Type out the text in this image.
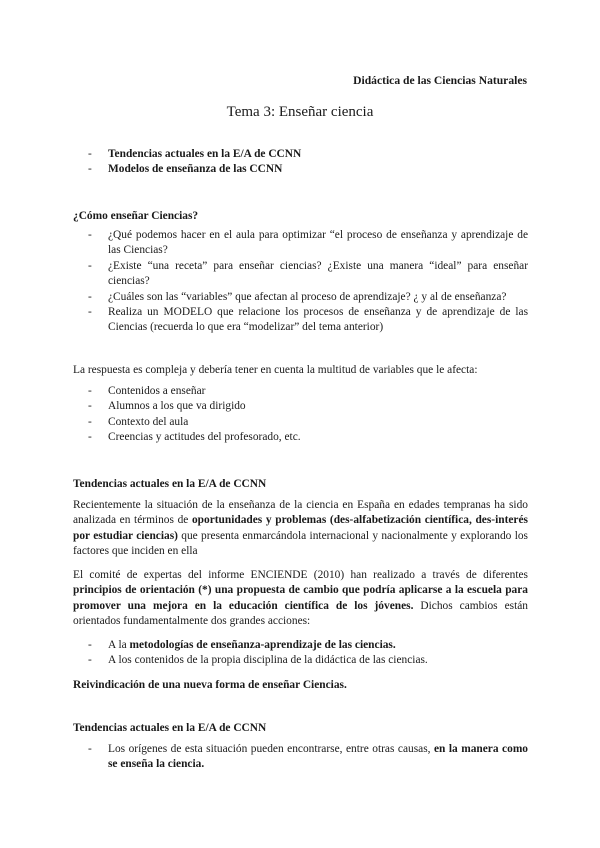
Didáctica de las Ciencias Naturales
Tema 3: Enseñar ciencia
- Tendencias actuales en la E/A de CCNN
- Modelos de enseñanza de las CCNN
¿Cómo enseñar Ciencias?
- ¿Qué podemos hacer en el aula para optimizar “el proceso de enseñanza y aprendizaje de las Ciencias?
- ¿Existe “una receta” para enseñar ciencias? ¿Existe una manera “ideal” para enseñar ciencias?
- ¿Cuáles son las “variables” que afectan al proceso de aprendizaje? ¿ y al de enseñanza?
- Realiza un MODELO que relacione los procesos de enseñanza y de aprendizaje de las Ciencias (recuerda lo que era “modelizar” del tema anterior)
La respuesta es compleja y debería tener en cuenta la multitud de variables que le afecta:
- Contenidos a enseñar
- Alumnos a los que va dirigido
- Contexto del aula
- Creencias y actitudes del profesorado, etc.
Tendencias actuales en la E/A de CCNN
Recientemente la situación de la enseñanza de la ciencia en España en edades tempranas ha sido analizada en términos de oportunidades y problemas (des-alfabetización científica, des-interés por estudiar ciencias) que presenta enmarcándola internacional y nacionalmente y explorando los factores que inciden en ella
El comité de expertas del informe ENCIENDE (2010) han realizado a través de diferentes principios de orientación (*) una propuesta de cambio que podría aplicarse a la escuela para promover una mejora en la educación científica de los jóvenes. Dichos cambios están orientados fundamentalmente dos grandes acciones:
- A la metodologías de enseñanza-aprendizaje de las ciencias.
- A los contenidos de la propia disciplina de la didáctica de las ciencias.
Reivindicación de una nueva forma de enseñar Ciencias.
Tendencias actuales en la E/A de CCNN
- Los orígenes de esta situación pueden encontrarse, entre otras causas, en la manera como se enseña la ciencia.
